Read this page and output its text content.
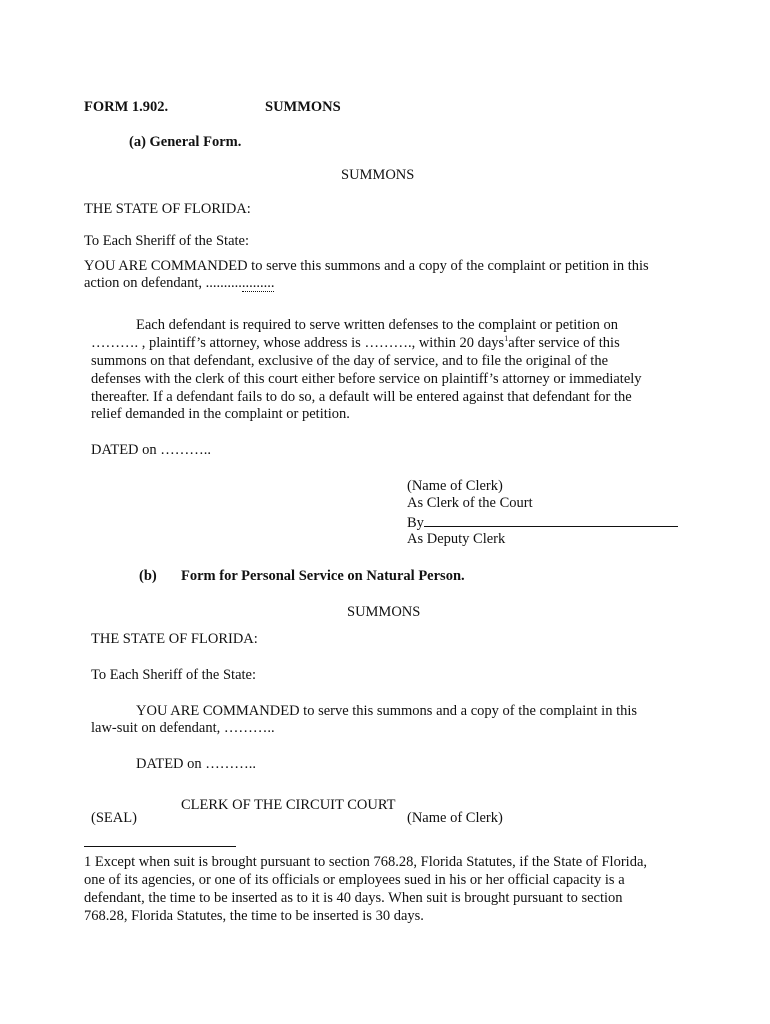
FORM 1.902.	SUMMONS
(a) General Form.
SUMMONS
THE STATE OF FLORIDA:
To Each Sheriff of the State:
YOU ARE COMMANDED to serve this summons and a copy of the complaint or petition in this
action on defendant, ...................
Each defendant is required to serve written defenses to the complaint or petition on
………. , plaintiff’s attorney, whose address is ………., within 20 days$^1$after service of this
summons on that defendant, exclusive of the day of service, and to file the original of the
defenses with the clerk of this court either before service on plaintiff’s attorney or immediately
thereafter. If a defendant fails to do so, a default will be entered against that defendant for the
relief demanded in the complaint or petition.
DATED on ………..
(Name of Clerk)
As Clerk of the Court
By
As Deputy Clerk
(b) Form for Personal Service on Natural Person.
SUMMONS
THE STATE OF FLORIDA:
To Each Sheriff of the State:
YOU ARE COMMANDED to serve this summons and a copy of the complaint in this
law-suit on defendant, ………..
DATED on ………..
CLERK OF THE CIRCUIT COURT
(SEAL)	(Name of Clerk)
1 Except when suit is brought pursuant to section 768.28, Florida Statutes, if the State of Florida,
one of its agencies, or one of its officials or employees sued in his or her official capacity is a
defendant, the time to be inserted as to it is 40 days. When suit is brought pursuant to section
768.28, Florida Statutes, the time to be inserted is 30 days.
